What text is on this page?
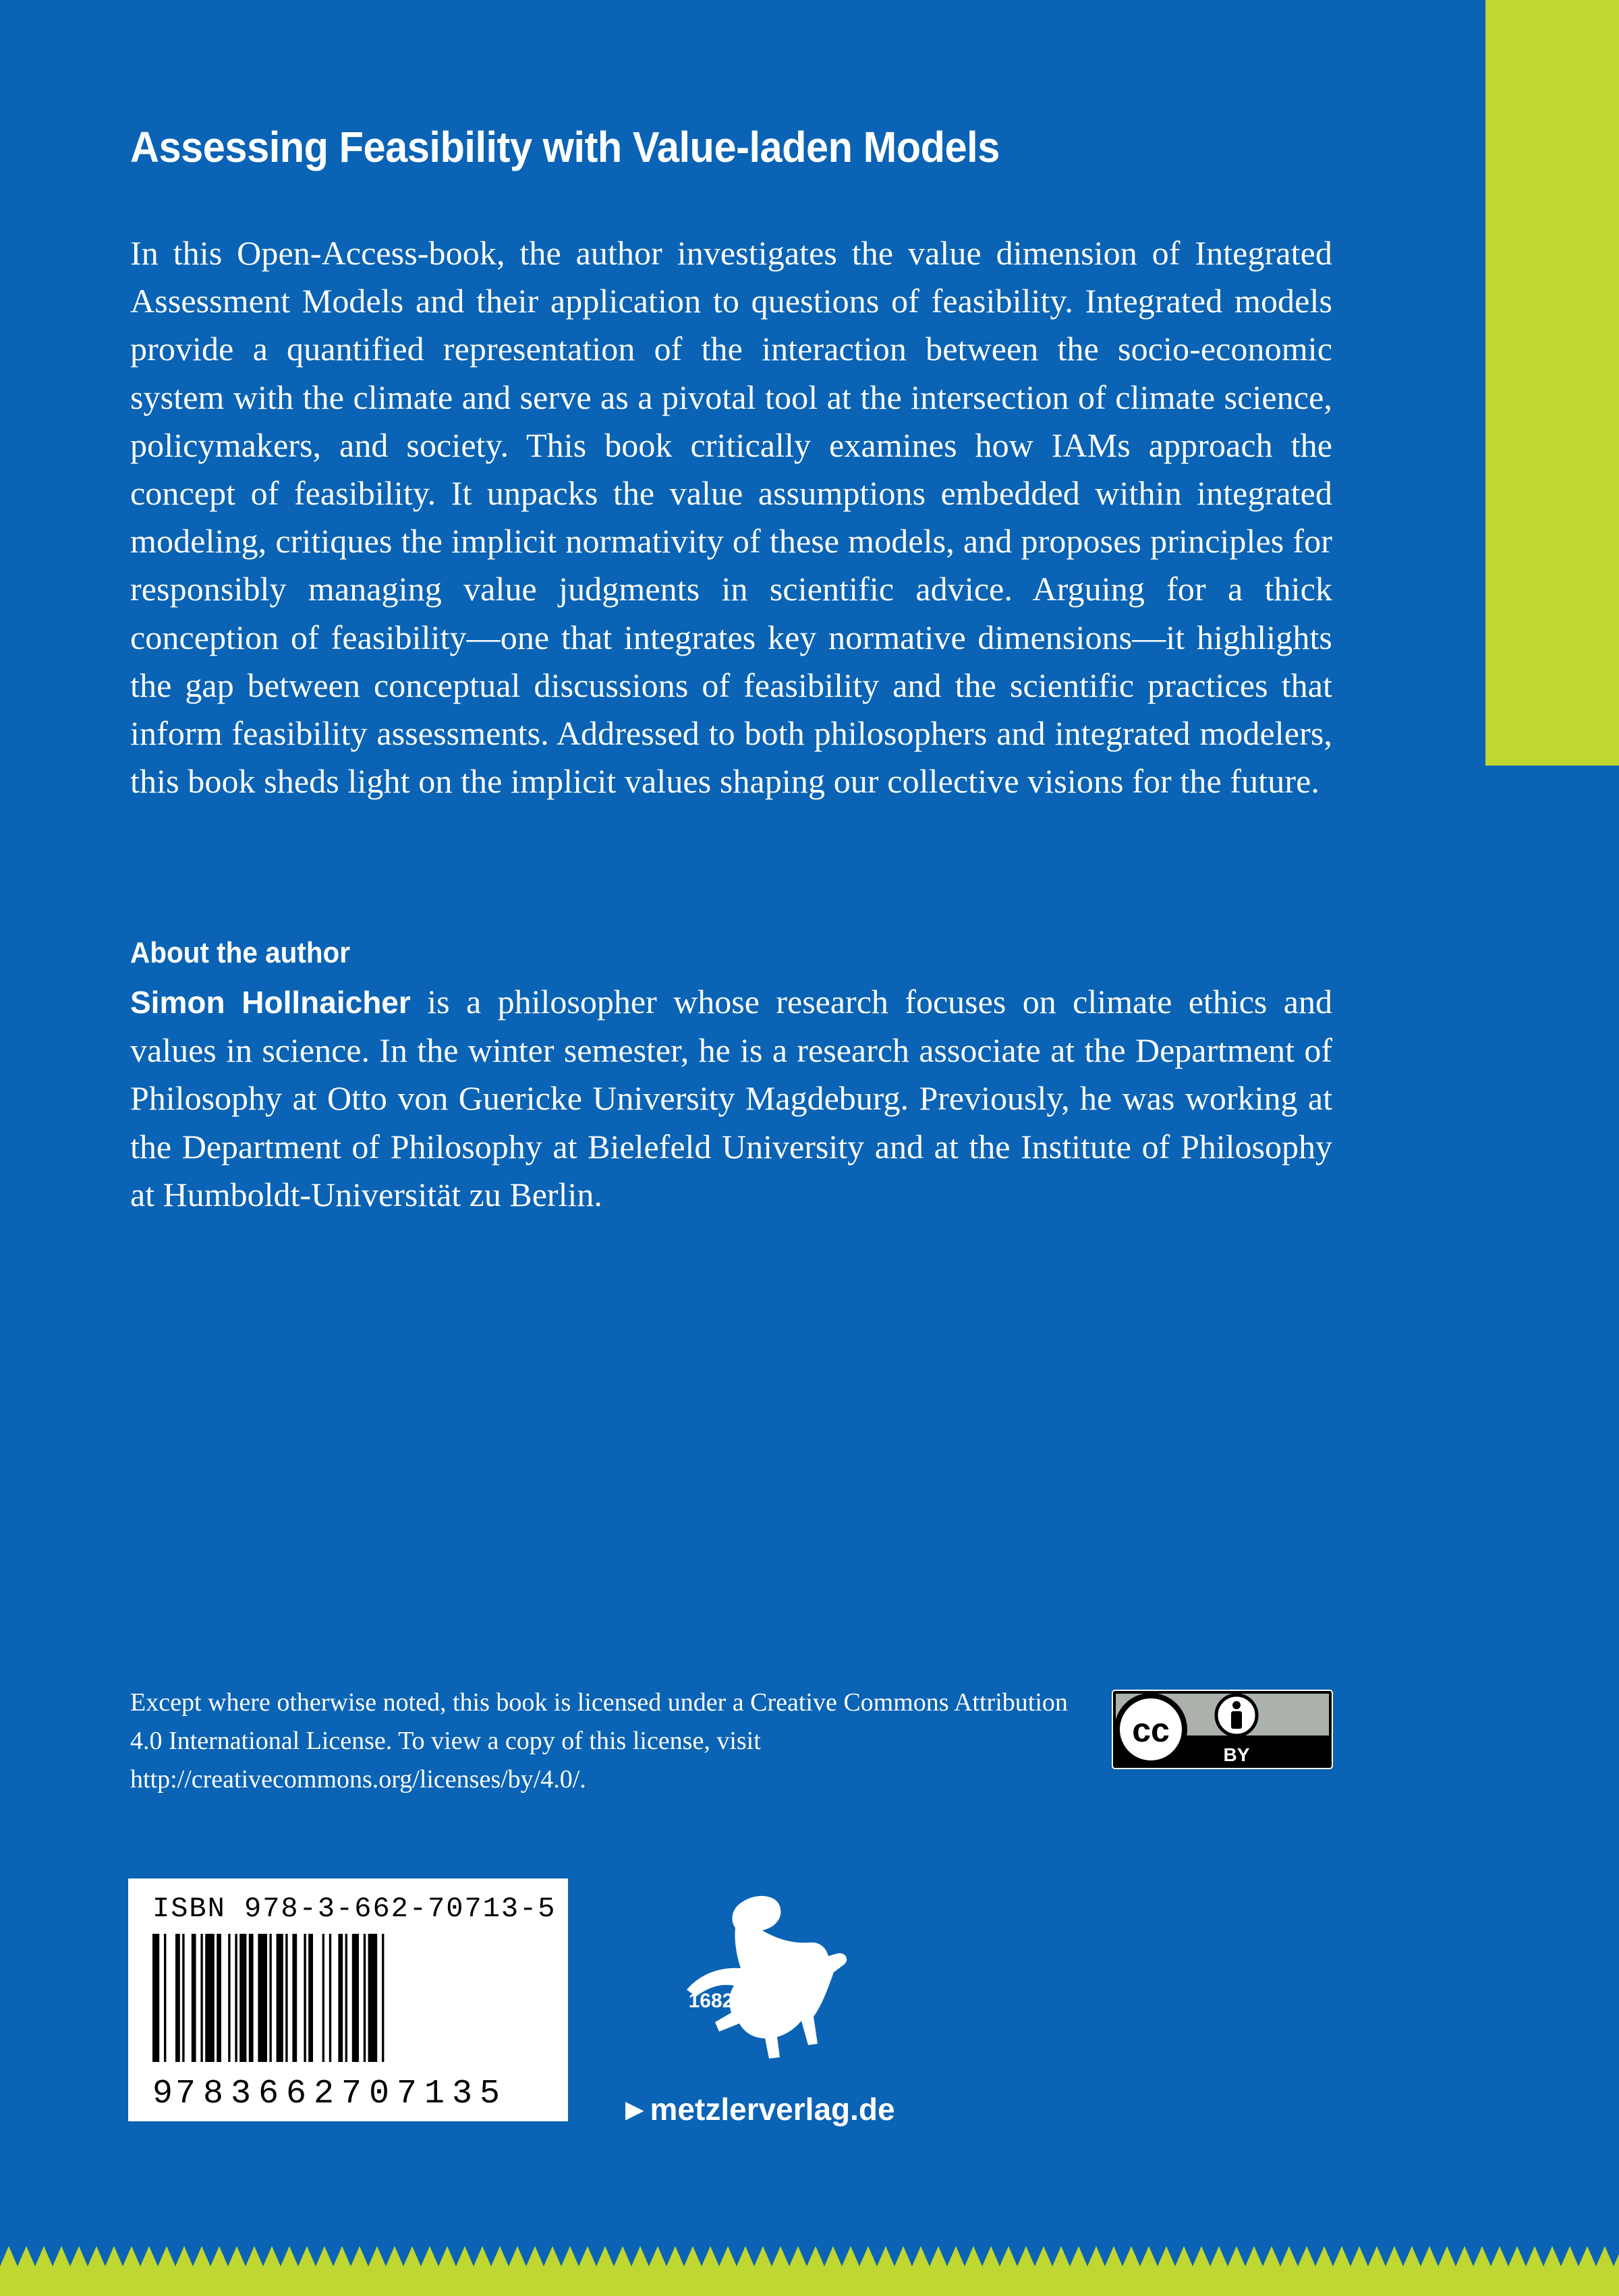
Assessing Feasibility with Value-laden Models

In this Open-Access-book, the author investigates the value dimension of Integrated Assessment Models and their application to questions of feasibility. Integrated models provide a quantified representation of the interaction between the socio-economic system with the climate and serve as a pivotal tool at the intersection of climate science, policymakers, and society. This book critically examines how IAMs approach the concept of feasibility. It unpacks the value assumptions embedded within integrated modeling, critiques the implicit normativity of these models, and proposes principles for responsibly managing value judgments in scientific advice. Arguing for a thick conception of feasibility—one that integrates key normative dimensions—it highlights the gap between conceptual discussions of feasibility and the scientific practices that inform feasibility assessments. Addressed to both philosophers and integrated modelers, this book sheds light on the implicit values shaping our collective visions for the future.

About the author

Simon Hollnaicher is a philosopher whose research focuses on climate ethics and values in science. In the winter semester, he is a research associate at the Department of Philosophy at Otto von Guericke University Magdeburg. Previously, he was working at the Department of Philosophy at Bielefeld University and at the Institute of Philosophy at Humboldt-Universität zu Berlin.

Except where otherwise noted, this book is licensed under a Creative Commons Attribution 4.0 International License. To view a copy of this license, visit http://creativecommons.org/licenses/by/4.0/.

cc
BY

ISBN 978-3-662-70713-5

9 7 8 3 6 6 2 7 0 7 1 3 5
1682

►metzlerverlag.de
